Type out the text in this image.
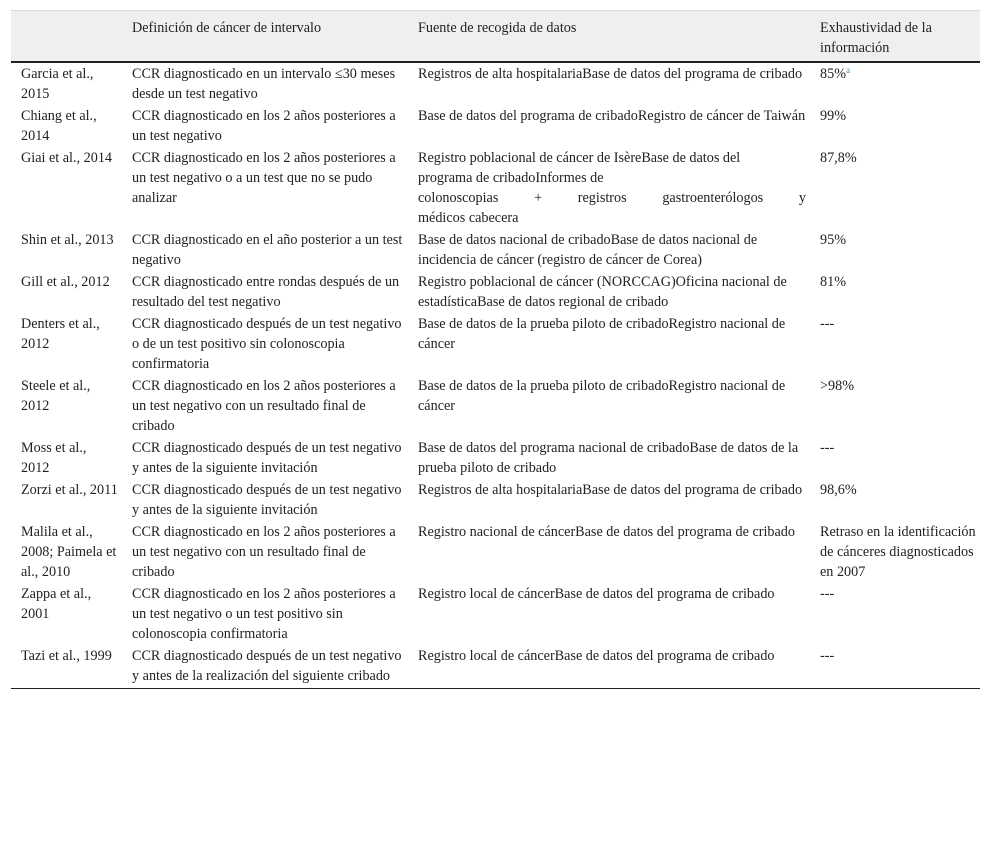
	Definición de cáncer de intervalo	Fuente de recogida de datos	Exhaustividad de la información
Garcia et al., 2015	CCR diagnosticado en un intervalo ≤30 meses desde un test negativo	Registros de alta hospitalariaBase de datos del programa de cribado	85%$^a$
Chiang et al., 2014	CCR diagnosticado en los 2 años posteriores a un test negativo	Base de datos del programa de cribadoRegistro de cáncer de Taiwán	99%
Giai et al., 2014	CCR diagnosticado en los 2 años posteriores a un test negativo o a un test que no se pudo analizar	Registro poblacional de cáncer de IsèreBase de datos del
programa de cribadoInformes de
colonoscopias + registros gastroenterólogos y
médicos cabecera	87,8%
Shin et al., 2013	CCR diagnosticado en el año posterior a un test negativo	Base de datos nacional de cribadoBase de datos nacional de incidencia de cáncer (registro de cáncer de Corea)	95%
Gill et al., 2012	CCR diagnosticado entre rondas después de un resultado del test negativo	Registro poblacional de cáncer (NORCCAG)Oficina nacional de estadísticaBase de datos regional de cribado	81%
Denters et al., 2012	CCR diagnosticado después de un test negativo o de un test positivo sin colonoscopia confirmatoria	Base de datos de la prueba piloto de cribadoRegistro nacional de cáncer	---
Steele et al., 2012	CCR diagnosticado en los 2 años posteriores a un test negativo con un resultado final de cribado	Base de datos de la prueba piloto de cribadoRegistro nacional de cáncer	>98%
Moss et al., 2012	CCR diagnosticado después de un test negativo y antes de la siguiente invitación	Base de datos del programa nacional de cribadoBase de datos de la prueba piloto de cribado	---
Zorzi et al., 2011	CCR diagnosticado después de un test negativo y antes de la siguiente invitación	Registros de alta hospitalariaBase de datos del programa de cribado	98,6%
Malila et al., 2008; Paimela et al., 2010	CCR diagnosticado en los 2 años posteriores a un test negativo con un resultado final de cribado	Registro nacional de cáncerBase de datos del programa de cribado	Retraso en la identificación de cánceres diagnosticados en 2007
Zappa et al., 2001	CCR diagnosticado en los 2 años posteriores a un test negativo o un test positivo sin colonoscopia confirmatoria	Registro local de cáncerBase de datos del programa de cribado	---
Tazi et al., 1999	CCR diagnosticado después de un test negativo y antes de la realización del siguiente cribado	Registro local de cáncerBase de datos del programa de cribado	---
